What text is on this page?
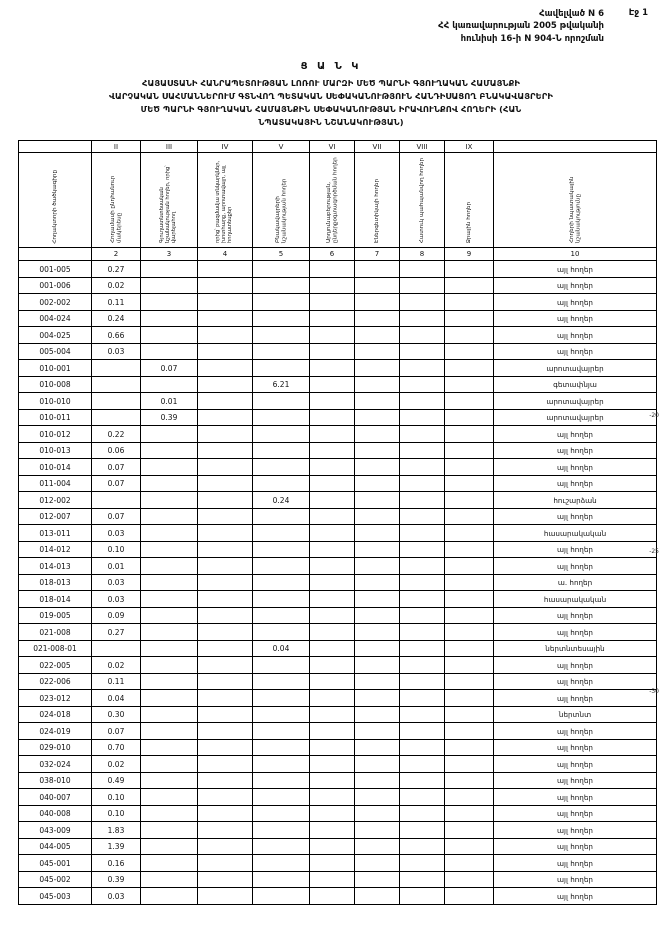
Էջ 1
Հավելված N 6
ՀՀ կառավարության 2005 թվականի
հունիսի 16-ի N 904-Ն որոշման
Ց Ա Ն Կ
ՀԱՅԱՍՏԱՆԻ ՀԱՆՐԱՊԵՏՈՒԹՅԱՆ ԼՈՌՈՒ ՄԱՐԶԻ ՄԵԾ ՊԱՐՆԻ ԳՅՈՒՂԱԿԱՆ ՀԱՄԱՅՆՔԻ
ՎԱՐՉԱԿԱՆ ՍԱՀՄԱՆՆԵՐՈՒՄ ԳՏՆՎՈՂ ՊԵՏԱԿԱՆ ՍԵՓԱԿԱՆՈՒԹՅՈՒՆ ՀԱՆԴԻՍԱՑՈՂ ԲՆԱԿԱՎԱՅՐԵՐԻ
ՄԵԾ ՊԱՐՆԻ ԳՅՈՒՂԱԿԱՆ ՀԱՄԱՅՆՔԻՆ ՍԵՓԱԿԱՆՈՒԹՅԱՆ ԻՐԱՎՈՒՆՔՈՎ ՀՈՂԵՐԻ (ՀԱՆ
ՆՊԱՏԱԿԱՅԻՆ ՆՇԱՆԱԿՈՒԹՅԱՆ)
	II	III	IV	V	VI	VII	VIII	IX	
Հողակտորի ծածկագիրը	Հողամասի ընդհանուր մակերեսը	Գյուղատնտեսական նշանակության հողեր, որից՝ վարելահող	որից՝ բազմամյա տնկարկներ, խոտհարք, արոտավայր, այլ հողատեսքեր	Բնակավայրերի նշանակության հողեր	Արդյունաբերության, ընդերքօգտագործման հողեր	Էներգետիկայի հողեր	Հատուկ պահպանվող հողեր	Ջրային հողեր	Հողերի նպատակային նշանակությունը
	2	3	4	5	6	7	8	9	10
001-005	0.27								այլ հողեր
001-006	0.02								այլ հողեր
002-002	0.11								այլ հողեր
004-024	0.24								այլ հողեր
004-025	0.66								այլ հողեր
005-004	0.03								այլ հողեր
010-001		0.07							արոտավայրեր
010-008				6.21					գետափնյա
010-010		0.01							արոտավայրեր
010-011		0.39							արոտավայրեր
010-012	0.22								այլ հողեր
010-013	0.06								այլ հողեր
010-014	0.07								այլ հողեր
011-004	0.07								այլ հողեր
012-002				0.24					հուշարձան
012-007	0.07								այլ հողեր
013-011	0.03								հասարակական
014-012	0.10								այլ հողեր
014-013	0.01								այլ հողեր
018-013	0.03								ա. հողեր
018-014	0.03								հասարակական
019-005	0.09								այլ հողեր
021-008	0.27								այլ հողեր
021-008-01				0.04					ներտնտեսային
022-005	0.02								այլ հողեր
022-006	0.11								այլ հողեր
023-012	0.04								այլ հողեր
024-018	0.30								ներտնտ
024-019	0.07								այլ հողեր
029-010	0.70								այլ հողեր
032-024	0.02								այլ հողեր
038-010	0.49								այլ հողեր
040-007	0.10								այլ հողեր
040-008	0.10								այլ հողեր
043-009	1.83								այլ հողեր
044-005	1.39								այլ հողեր
045-001	0.16								այլ հողեր
045-002	0.39								այլ հողեր
045-003	0.03								այլ հողեր
-20
-25
-30
